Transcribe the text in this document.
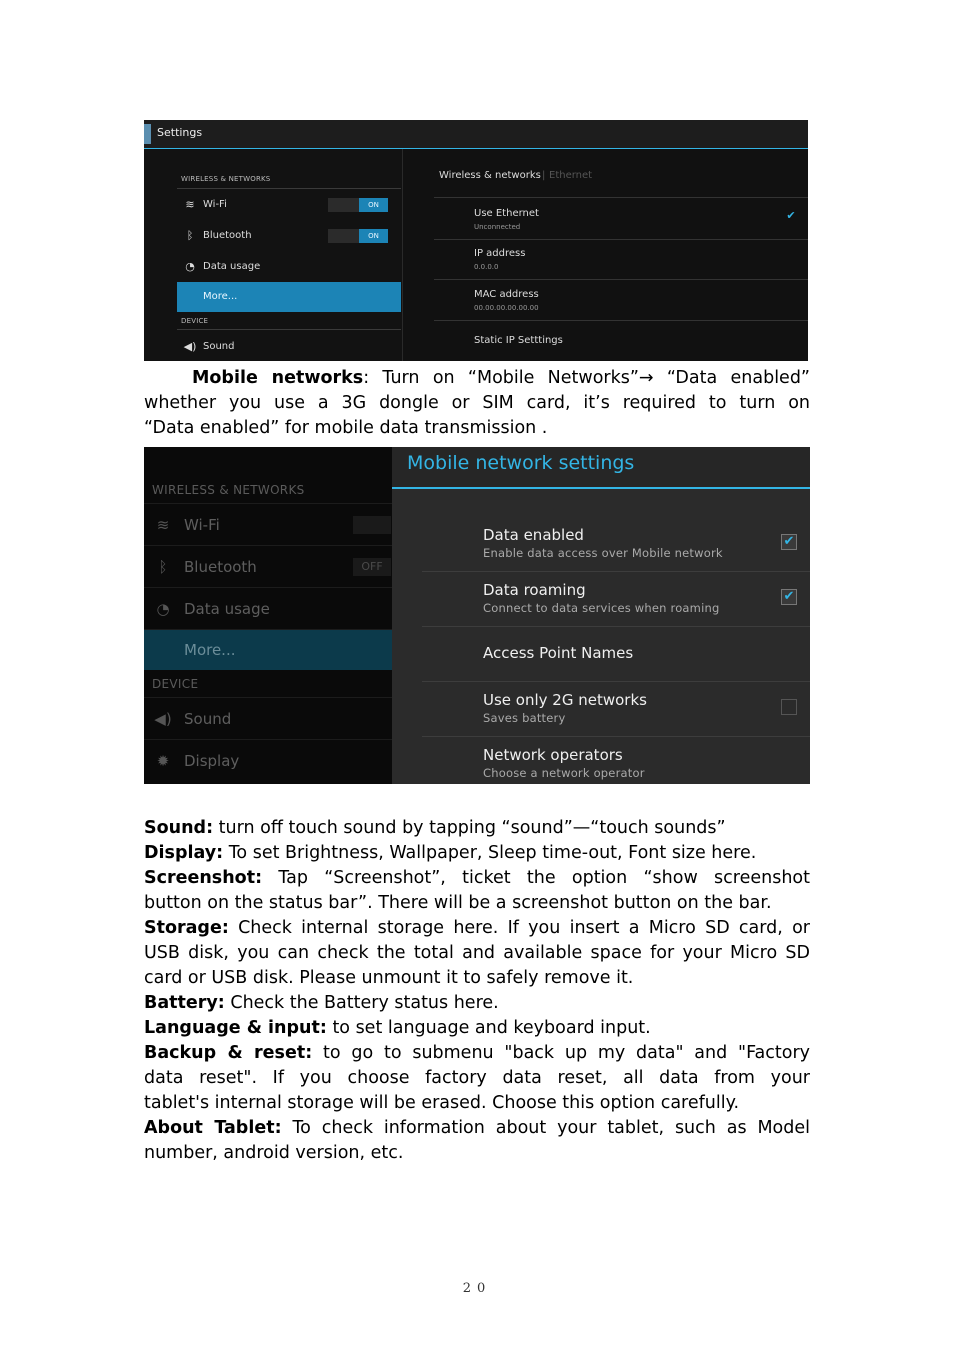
Settings
WIRELESS & NETWORKS
≋ Wi-Fi	ON
ᛒ Bluetooth	ON
◔ Data usage
More...
DEVICE
◀) Sound
Wireless & networks | Ethernet
Use Ethernet
Unconnected
✔
IP address
0.0.0.0
MAC address
00.00.00.00.00.00
Static IP Setttings
Mobile networks: Turn on “Mobile Networks”→ “Data enabled”
whether you use a 3G dongle or SIM card, it’s required to turn on
“Data enabled” for mobile data transmission .
WIRELESS & NETWORKS
≋ Wi-Fi
ᛒ	Bluetooth	OFF
◔ Data usage
More...
DEVICE
◀) Sound
✹ Display
Mobile network settings
Data enabled
Enable data access over Mobile network
✔
Data roaming
Connect to data services when roaming
✔
Access Point Names
Use only 2G networks
Saves battery
Network operators
Choose a network operator
Sound: turn off touch sound by tapping “sound”—“touch sounds”
Display: To set Brightness, Wallpaper, Sleep time-out, Font size here.
Screenshot: Tap “Screenshot”, ticket the option “show screenshot
button on the status bar”. There will be a screenshot button on the bar.
Storage: Check internal storage here. If you insert a Micro SD card, or
USB disk, you can check the total and available space for your Micro SD
card or USB disk. Please unmount it to safely remove it.
Battery: Check the Battery status here.
Language & input: to set language and keyboard input.
Backup & reset: to go to submenu "back up my data" and "Factory
data reset". If you choose factory data reset, all data from your
tablet's internal storage will be erased. Choose this option carefully.
About Tablet: To check information about your tablet, such as Model
number, android version, etc.
20
